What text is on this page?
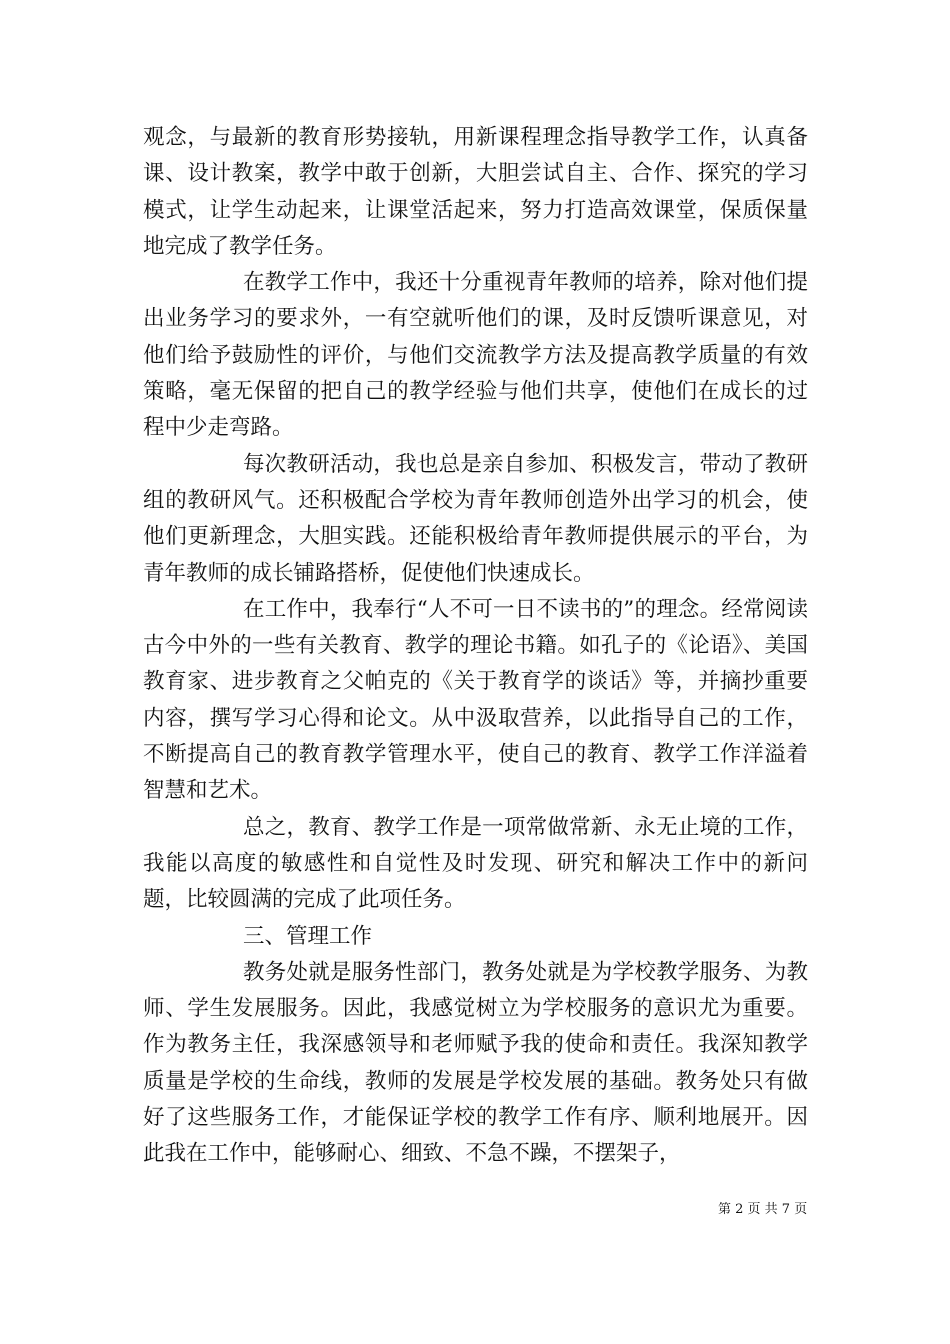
观念，与最新的教育形势接轨，用新课程理念指导教学工作，认真备课、设计教案，教学中敢于创新，大胆尝试自主、合作、探究的学习模式，让学生动起来，让课堂活起来，努力打造高效课堂，保质保量地完成了教学任务。

在教学工作中，我还十分重视青年教师的培养，除对他们提出业务学习的要求外，一有空就听他们的课，及时反馈听课意见，对他们给予鼓励性的评价，与他们交流教学方法及提高教学质量的有效策略，毫无保留的把自己的教学经验与他们共享，使他们在成长的过程中少走弯路。

每次教研活动，我也总是亲自参加、积极发言，带动了教研组的教研风气。还积极配合学校为青年教师创造外出学习的机会，使他们更新理念，大胆实践。还能积极给青年教师提供展示的平台，为青年教师的成长铺路搭桥，促使他们快速成长。

在工作中，我奉行“人不可一日不读书的”的理念。经常阅读古今中外的一些有关教育、教学的理论书籍。如孔子的《论语》、美国教育家、进步教育之父帕克的《关于教育学的谈话》等，并摘抄重要内容，撰写学习心得和论文。从中汲取营养，以此指导自己的工作，不断提高自己的教育教学管理水平，使自己的教育、教学工作洋溢着智慧和艺术。

总之，教育、教学工作是一项常做常新、永无止境的工作，我能以高度的敏感性和自觉性及时发现、研究和解决工作中的新问题，比较圆满的完成了此项任务。

三、管理工作

教务处就是服务性部门，教务处就是为学校教学服务、为教师、学生发展服务。因此，我感觉树立为学校服务的意识尤为重要。作为教务主任，我深感领导和老师赋予我的使命和责任。我深知教学质量是学校的生命线，教师的发展是学校发展的基础。教务处只有做好了这些服务工作，才能保证学校的教学工作有序、顺利地展开。因此我在工作中，能够耐心、细致、不急不躁，不摆架子，

第 2 页 共 7 页
